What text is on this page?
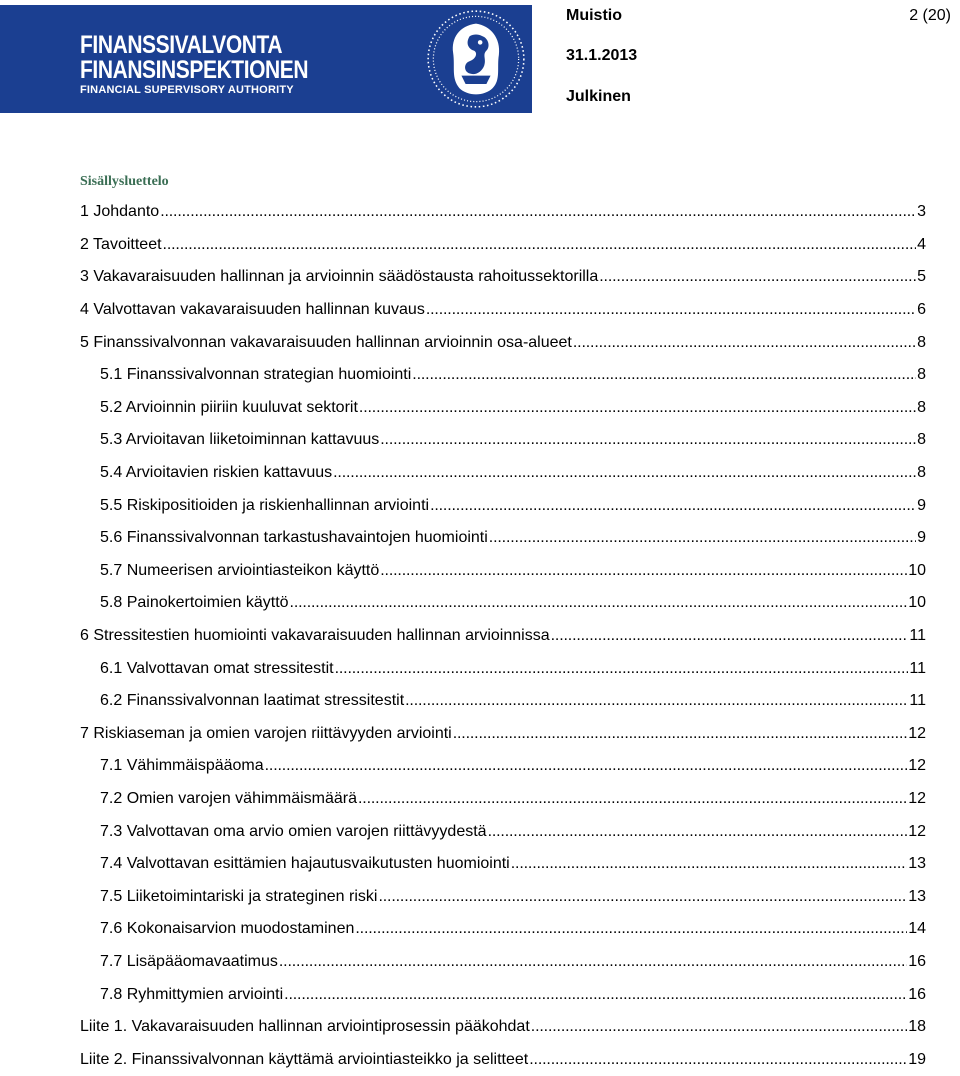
FINANSSIVALVONTA
FINANSINSPEKTIONEN
FINANCIAL SUPERVISORY AUTHORITY
Muistio	2 (20)
31.1.2013
Julkinen
Sisällysluettelo
1 Johdanto . . .	3
2 Tavoitteet . . .	4
3 Vakavaraisuuden hallinnan ja arvioinnin säädöstausta rahoitussektorilla . . .	5
4 Valvottavan vakavaraisuuden hallinnan kuvaus . . .	6
5 Finanssivalvonnan vakavaraisuuden hallinnan arvioinnin osa-alueet . . .	8
5.1 Finanssivalvonnan strategian huomiointi . . .	8
5.2 Arvioinnin piiriin kuuluvat sektorit . . .	8
5.3 Arvioitavan liiketoiminnan kattavuus . . .	8
5.4 Arvioitavien riskien kattavuus . . .	8
5.5 Riskipositioiden ja riskienhallinnan arviointi . . .	9
5.6 Finanssivalvonnan tarkastushavaintojen huomiointi . . .	9
5.7 Numeerisen arviointiasteikon käyttö . . .	10
5.8 Painokertoimien käyttö . . .	10
6 Stressitestien huomiointi vakavaraisuuden hallinnan arvioinnissa . . .	11
6.1 Valvottavan omat stressitestit . . .	11
6.2 Finanssivalvonnan laatimat stressitestit . . .	11
7 Riskiaseman ja omien varojen riittävyyden arviointi . . .	12
7.1 Vähimmäispääoma . . .	12
7.2 Omien varojen vähimmäismäärä . . .	12
7.3 Valvottavan oma arvio omien varojen riittävyydestä . . .	12
7.4 Valvottavan esittämien hajautusvaikutusten huomiointi . . .	13
7.5 Liiketoimintariski ja strateginen riski . . .	13
7.6 Kokonaisarvion muodostaminen . . .	14
7.7 Lisäpääomavaatimus . . .	16
7.8 Ryhmittymien arviointi . . .	16
Liite 1. Vakavaraisuuden hallinnan arviointiprosessin pääkohdat . . .	18
Liite 2. Finanssivalvonnan käyttämä arviointiasteikko ja selitteet . . .	19
